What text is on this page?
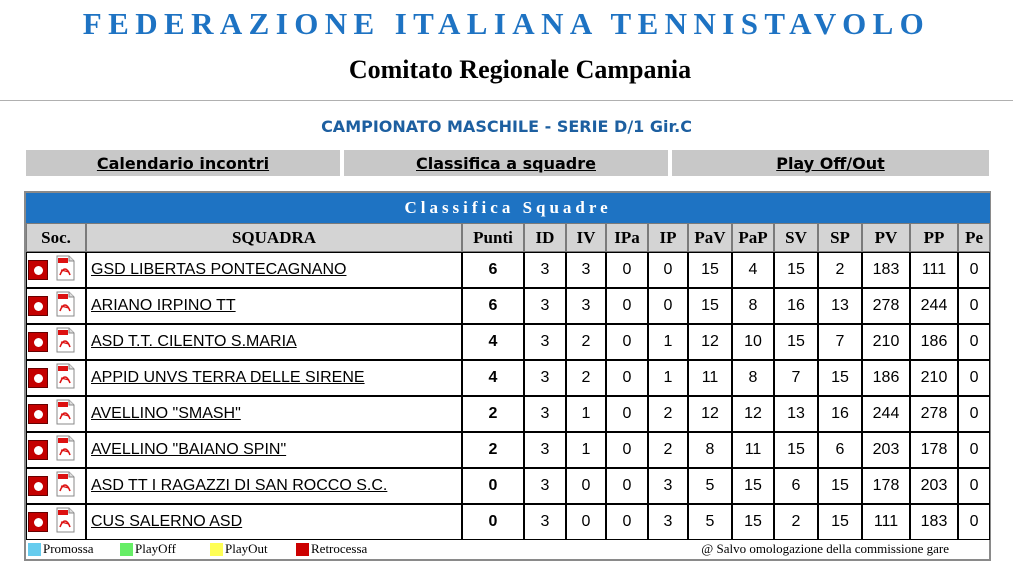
FEDERAZIONE ITALIANA TENNISTAVOLO
Comitato Regionale Campania
CAMPIONATO MASCHILE - SERIE D/1 Gir.C
Calendario incontri	Classifica a squadre	Play Off/Out
Classifica Squadre													
Soc.	SQUADRA	Punti	ID	IV	IPa	IP	PaV	PaP	SV	SP	PV	PP	Pe

	GSD LIBERTAS PONTECAGNANO	6	3	3	0	0	15	4	15	2	183	111	0

	ARIANO IRPINO TT	6	3	3	0	0	15	8	16	13	278	244	0

	ASD T.T. CILENTO S.MARIA	4	3	2	0	1	12	10	15	7	210	186	0

	APPID UNVS TERRA DELLE SIRENE	4	3	2	0	1	11	8	7	15	186	210	0

	AVELLINO "SMASH"	2	3	1	0	2	12	12	13	16	244	278	0

	AVELLINO "BAIANO SPIN"	2	3	1	0	2	8	11	15	6	203	178	0

	ASD TT I RAGAZZI DI SAN ROCCO S.C.	0	3	0	0	3	5	15	6	15	178	203	0

	CUS SALERNO ASD	0	3	0	0	3	5	15	2	15	111	183	0
Promossa	PlayOff	PlayOut	Retrocessa	@ Salvo omologazione della commissione gare
